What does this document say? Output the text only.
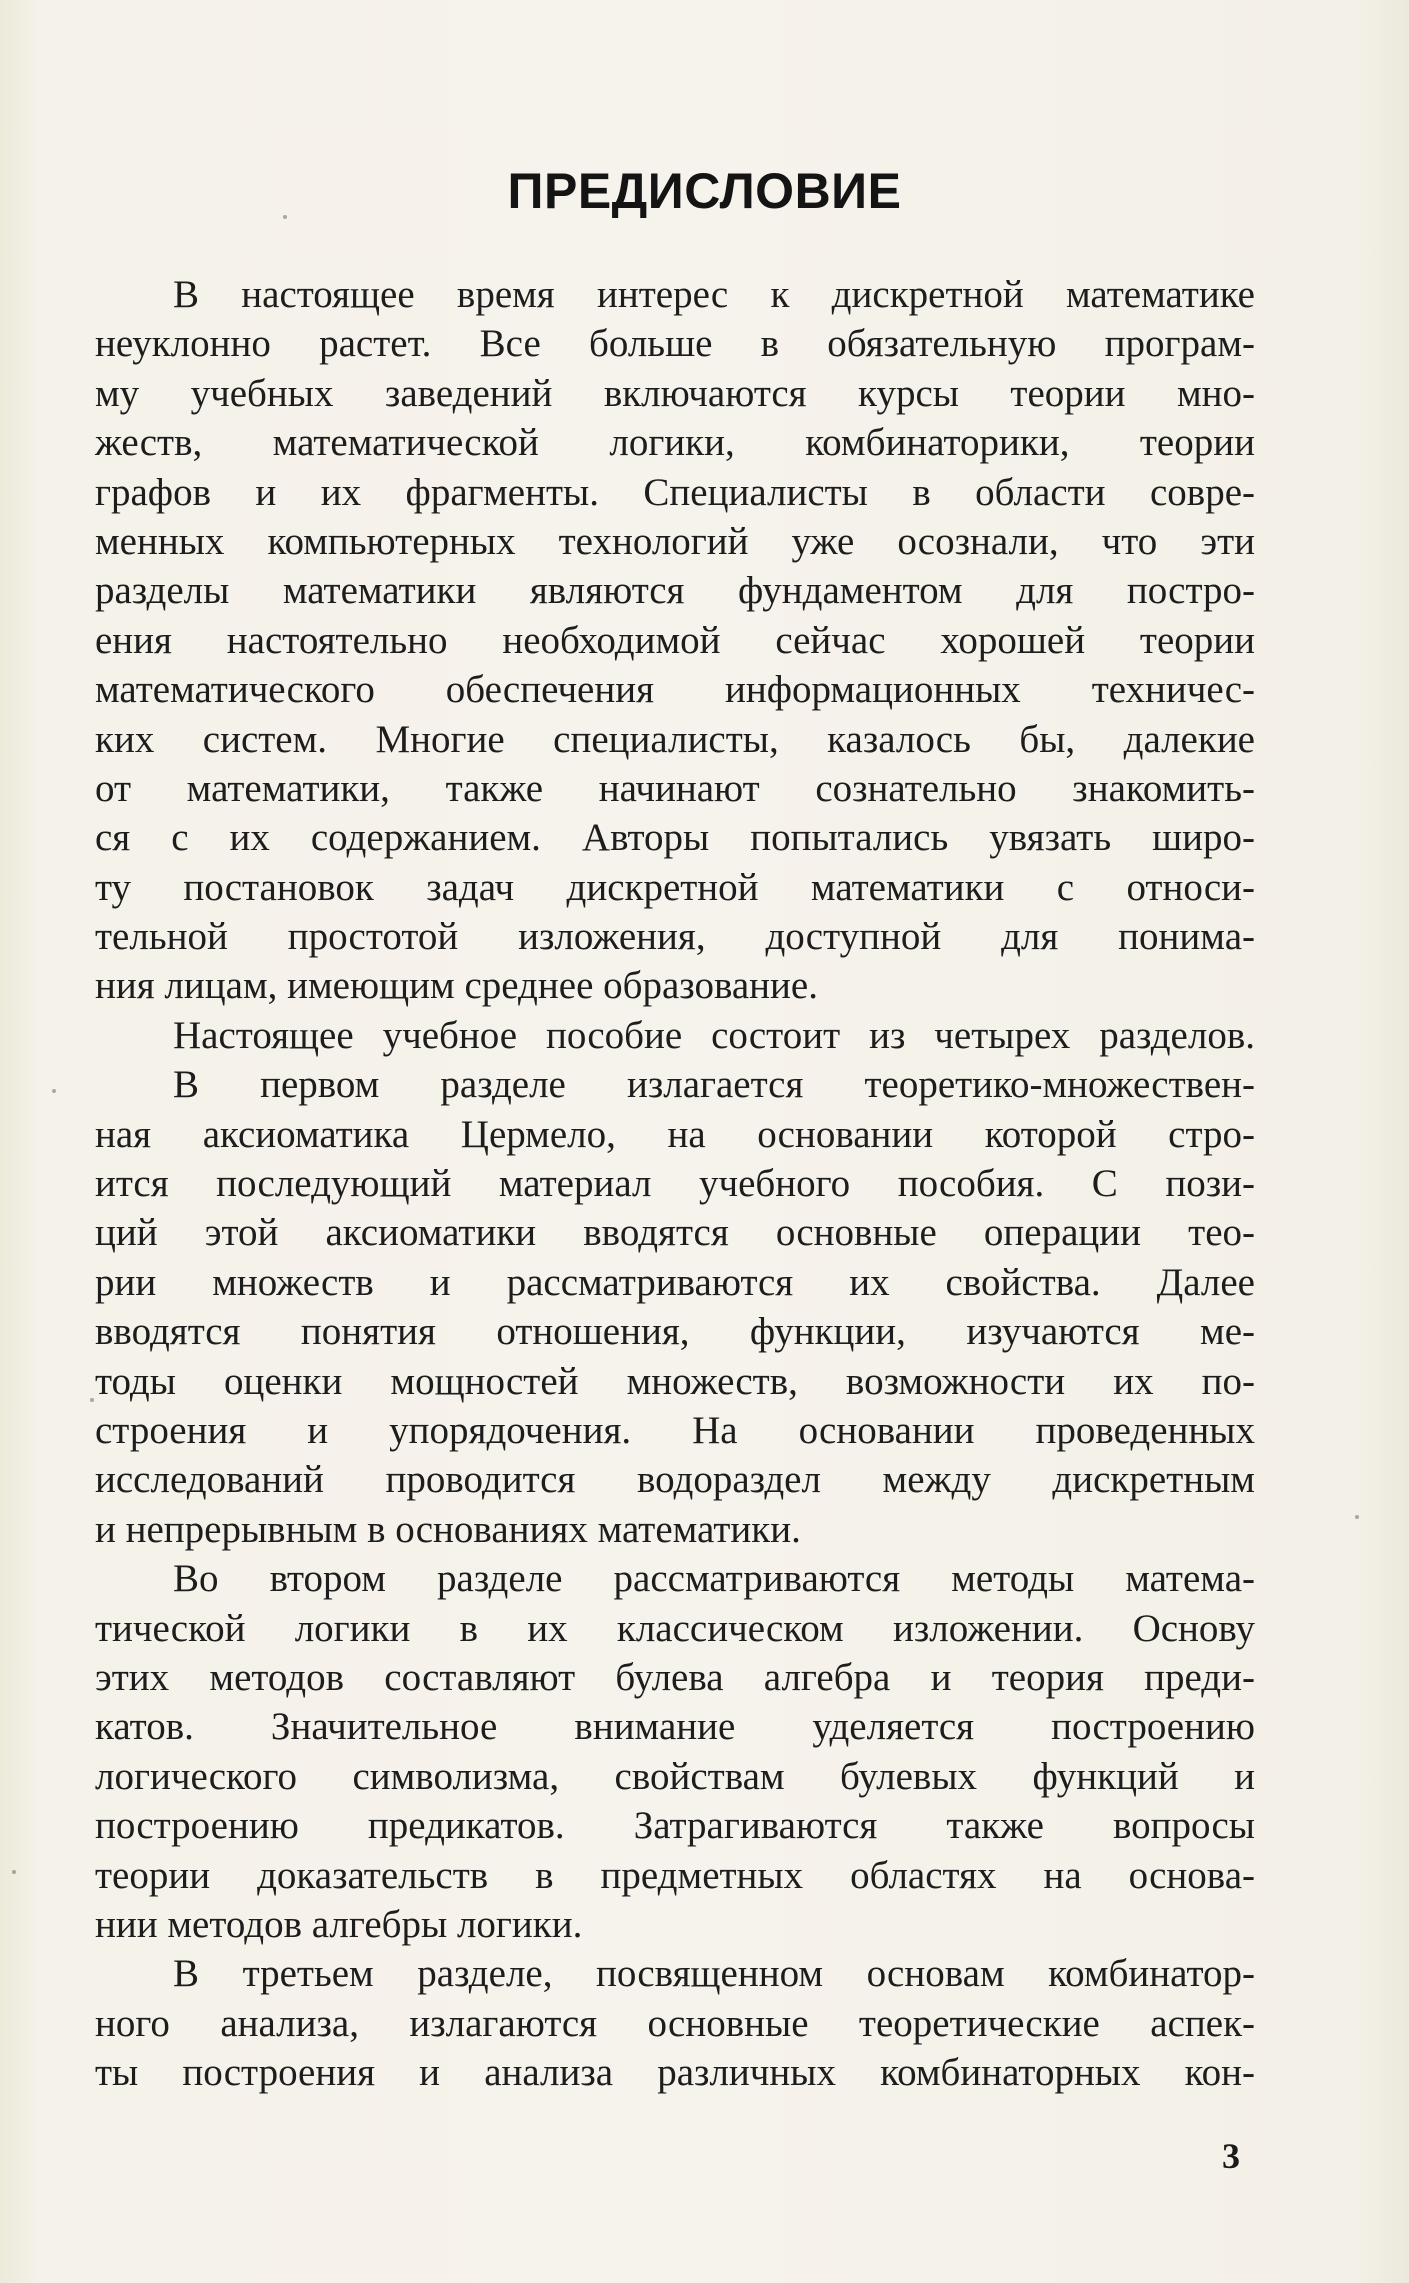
ПРЕДИСЛОВИЕ
В настоящее время интерес к дискретной математике
неуклонно растет. Все больше в обязательную програм-
му учебных заведений включаются курсы теории мно-
жеств, математической логики, комбинаторики, теории
графов и их фрагменты. Специалисты в области совре-
менных компьютерных технологий уже осознали, что эти
разделы математики являются фундаментом для постро-
ения настоятельно необходимой сейчас хорошей теории
математического обеспечения информационных техничес-
ких систем. Многие специалисты, казалось бы, далекие
от математики, также начинают сознательно знакомить-
ся с их содержанием. Авторы попытались увязать широ-
ту постановок задач дискретной математики с относи-
тельной простотой изложения, доступной для понима-
ния лицам, имеющим среднее образование.
Настоящее учебное пособие состоит из четырех разделов.
В первом разделе излагается теоретико-множествен-
ная аксиоматика Цермело, на основании которой стро-
ится последующий материал учебного пособия. С пози-
ций этой аксиоматики вводятся основные операции тео-
рии множеств и рассматриваются их свойства. Далее
вводятся понятия отношения, функции, изучаются ме-
тоды оценки мощностей множеств, возможности их по-
строения и упорядочения. На основании проведенных
исследований проводится водораздел между дискретным
и непрерывным в основаниях математики.
Во втором разделе рассматриваются методы матема-
тической логики в их классическом изложении. Основу
этих методов составляют булева алгебра и теория преди-
катов. Значительное внимание уделяется построению
логического символизма, свойствам булевых функций и
построению предикатов. Затрагиваются также вопросы
теории доказательств в предметных областях на основа-
нии методов алгебры логики.
В третьем разделе, посвященном основам комбинатор-
ного анализа, излагаются основные теоретические аспек-
ты построения и анализа различных комбинаторных кон-
3
